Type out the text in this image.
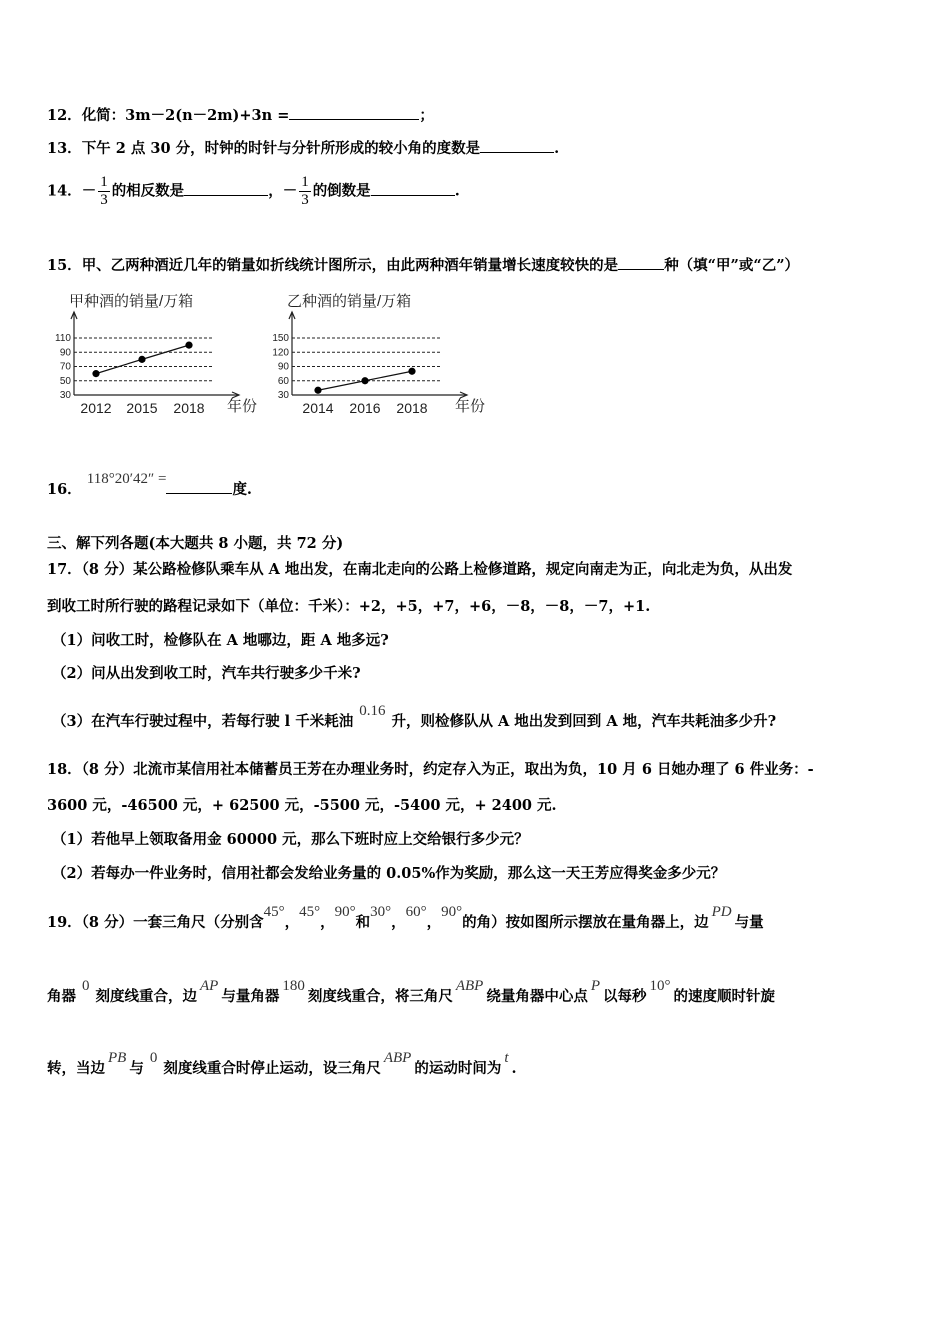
12．化简：3m－2(n－2m)+3n =	；
13．下午 2 点 30 分，时钟的时针与分针所形成的较小角的度数是	.
14．－ $\frac{1}{3}$ 的相反数是	，－ $\frac{1}{3}$ 的倒数是	.
15．甲、乙两种酒近几年的销量如折线统计图所示，由此两种酒年销量增长速度较快的是	种（填“甲”或“乙”）
甲种酒的销量/万箱
30
50
70
90
110
2012 2015 2018 年份
乙种酒的销量/万箱
30
60
90
120
150
2014 2016 2018 年份
16． 118°20′42″ =度.
三、解下列各题(本大题共 8 小题，共 72 分)
17．（8 分）某公路检修队乘车从 A 地出发，在南北走向的公路上检修道路，规定向南走为正，向北走为负，从出发
到收工时所行驶的路程记录如下（单位：千米）：+2，+5，+7，+6，－8，－8，－7，+1.
（1）问收工时，检修队在 A 地哪边，距 A 地多远?
（2）问从出发到收工时，汽车共行驶多少千米?
（3）在汽车行驶过程中，若每行驶 l 千米耗油0.16升，则检修队从 A 地出发到回到 A 地，汽车共耗油多少升?
18．（8 分）北流市某信用社本储蓄员王芳在办理业务时，约定存入为正，取出为负，10 月 6 日她办理了 6 件业务：-
3600 元，-46500 元，+ 62500 元，-5500 元，-5400 元，+ 2400 元.
（1）若他早上领取备用金 60000 元，那么下班时应上交给银行多少元？
（2）若每办一件业务时，信用社都会发给业务量的 0.05%作为奖励，那么这一天王芳应得奖金多少元？
19．（8 分）一套三角尺（分别含45°，45°，90°和30°，60°，90°的角）按如图所示摆放在量角器上，边PD与量
角器0刻度线重合，边AP与量角器180刻度线重合，将三角尺ABP绕量角器中心点P以每秒10°的速度顺时针旋
转，当边PB与0刻度线重合时停止运动，设三角尺ABP的运动时间为t.
